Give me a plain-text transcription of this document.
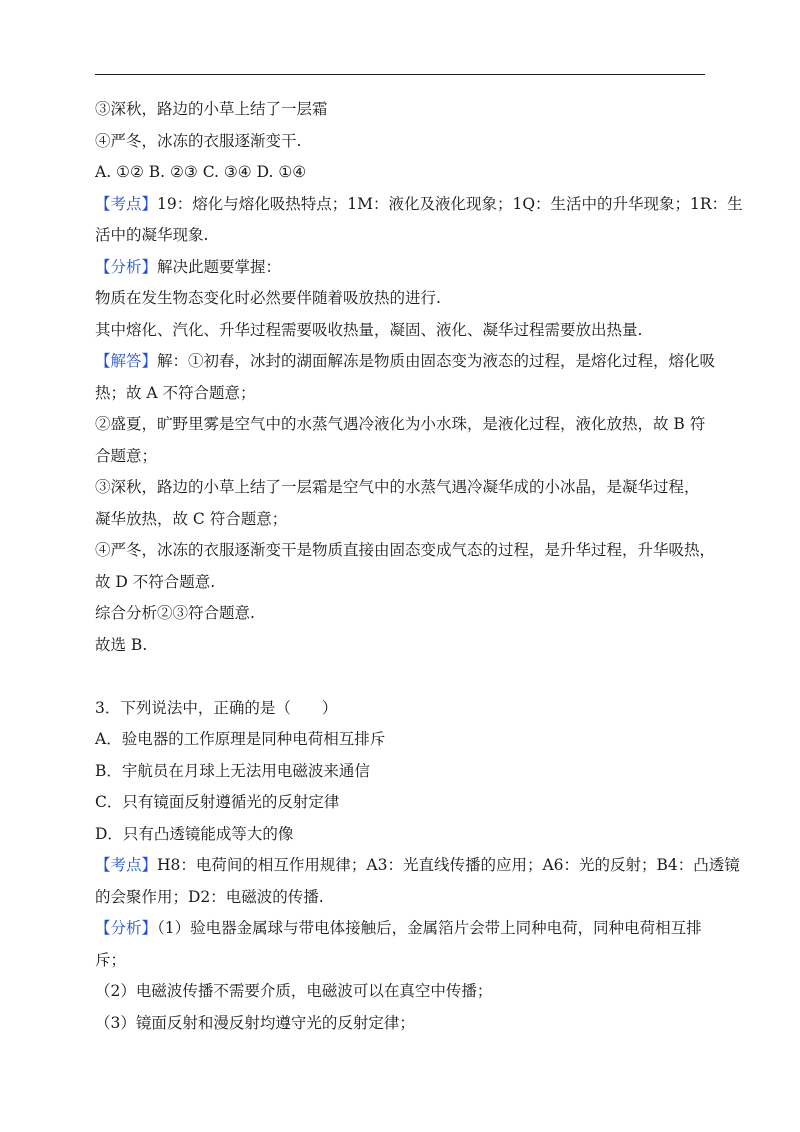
③深秋，路边的小草上结了一层霜
④严冬，冰冻的衣服逐渐变干.
A. ①② B. ②③ C. ③④ D. ①④
【考点】19：熔化与熔化吸热特点；1M：液化及液化现象；1Q：生活中的升华现象；1R：生
活中的凝华现象.
【分析】解决此题要掌握：
物质在发生物态变化时必然要伴随着吸放热的进行.
其中熔化、汽化、升华过程需要吸收热量，凝固、液化、凝华过程需要放出热量.
【解答】解：①初春，冰封的湖面解冻是物质由固态变为液态的过程，是熔化过程，熔化吸
热；故 A 不符合题意；
②盛夏，旷野里雾是空气中的水蒸气遇冷液化为小水珠，是液化过程，液化放热，故 B 符
合题意；
③深秋，路边的小草上结了一层霜是空气中的水蒸气遇冷凝华成的小冰晶，是凝华过程，
凝华放热，故 C 符合题意；
④严冬，冰冻的衣服逐渐变干是物质直接由固态变成气态的过程，是升华过程，升华吸热，
故 D 不符合题意.
综合分析②③符合题意.
故选 B.
3．下列说法中，正确的是（　　）
A．验电器的工作原理是同种电荷相互排斥
B．宇航员在月球上无法用电磁波来通信
C．只有镜面反射遵循光的反射定律
D．只有凸透镜能成等大的像
【考点】H8：电荷间的相互作用规律；A3：光直线传播的应用；A6：光的反射；B4：凸透镜
的会聚作用；D2：电磁波的传播.
【分析】（1）验电器金属球与带电体接触后，金属箔片会带上同种电荷，同种电荷相互排
斥；
（2）电磁波传播不需要介质，电磁波可以在真空中传播；
（3）镜面反射和漫反射均遵守光的反射定律；
